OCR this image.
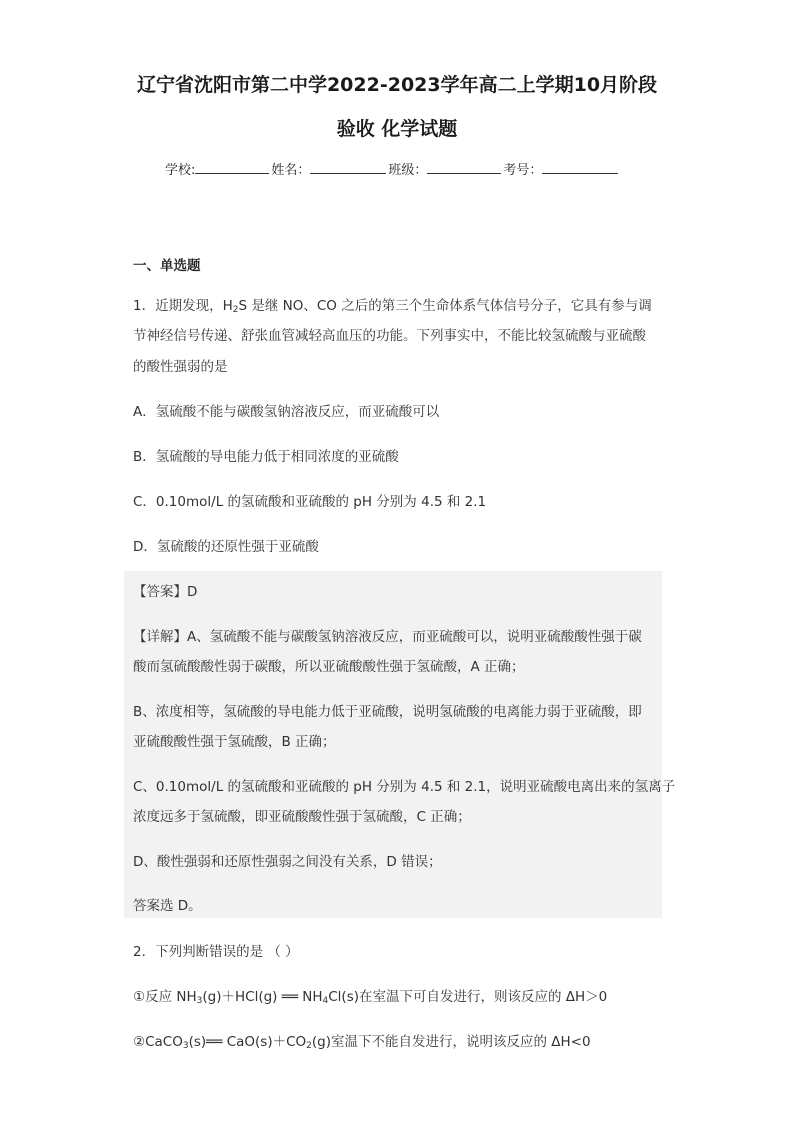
辽宁省沈阳市第二中学2022-2023学年高二上学期10月阶段
验收 化学试题
学校:	姓名：	班级：	考号：
一、单选题
1．近期发现，$H_2S$ 是继 NO、CO 之后的第三个生命体系气体信号分子，它具有参与调
节神经信号传递、舒张血管减轻高血压的功能。下列事实中，不能比较氢硫酸与亚硫酸
的酸性强弱的是
A．氢硫酸不能与碳酸氢钠溶液反应，而亚硫酸可以
B．氢硫酸的导电能力低于相同浓度的亚硫酸
C．0.10mol/L 的氢硫酸和亚硫酸的 pH 分别为 4.5 和 2.1
D．氢硫酸的还原性强于亚硫酸
【答案】D
【详解】A、氢硫酸不能与碳酸氢钠溶液反应，而亚硫酸可以，说明亚硫酸酸性强于碳
酸而氢硫酸酸性弱于碳酸，所以亚硫酸酸性强于氢硫酸，A 正确；
B、浓度相等，氢硫酸的导电能力低于亚硫酸，说明氢硫酸的电离能力弱于亚硫酸，即
亚硫酸酸性强于氢硫酸，B 正确；
C、0.10mol/L 的氢硫酸和亚硫酸的 pH 分别为 4.5 和 2.1，说明亚硫酸电离出来的氢离子
浓度远多于氢硫酸，即亚硫酸酸性强于氢硫酸，C 正确；
D、酸性强弱和还原性强弱之间没有关系，D 错误；
答案选 D。
2．下列判断错误的是 （ ）
①反应 $NH_3(g)+HCl(g)$ ══ $NH_4Cl(s)$在室温下可自发进行，则该反应的 ΔH＞0
②CaCO$_3$(s)══ $CaO(s)+CO_2(g)$室温下不能自发进行，说明该反应的 ΔH<0
